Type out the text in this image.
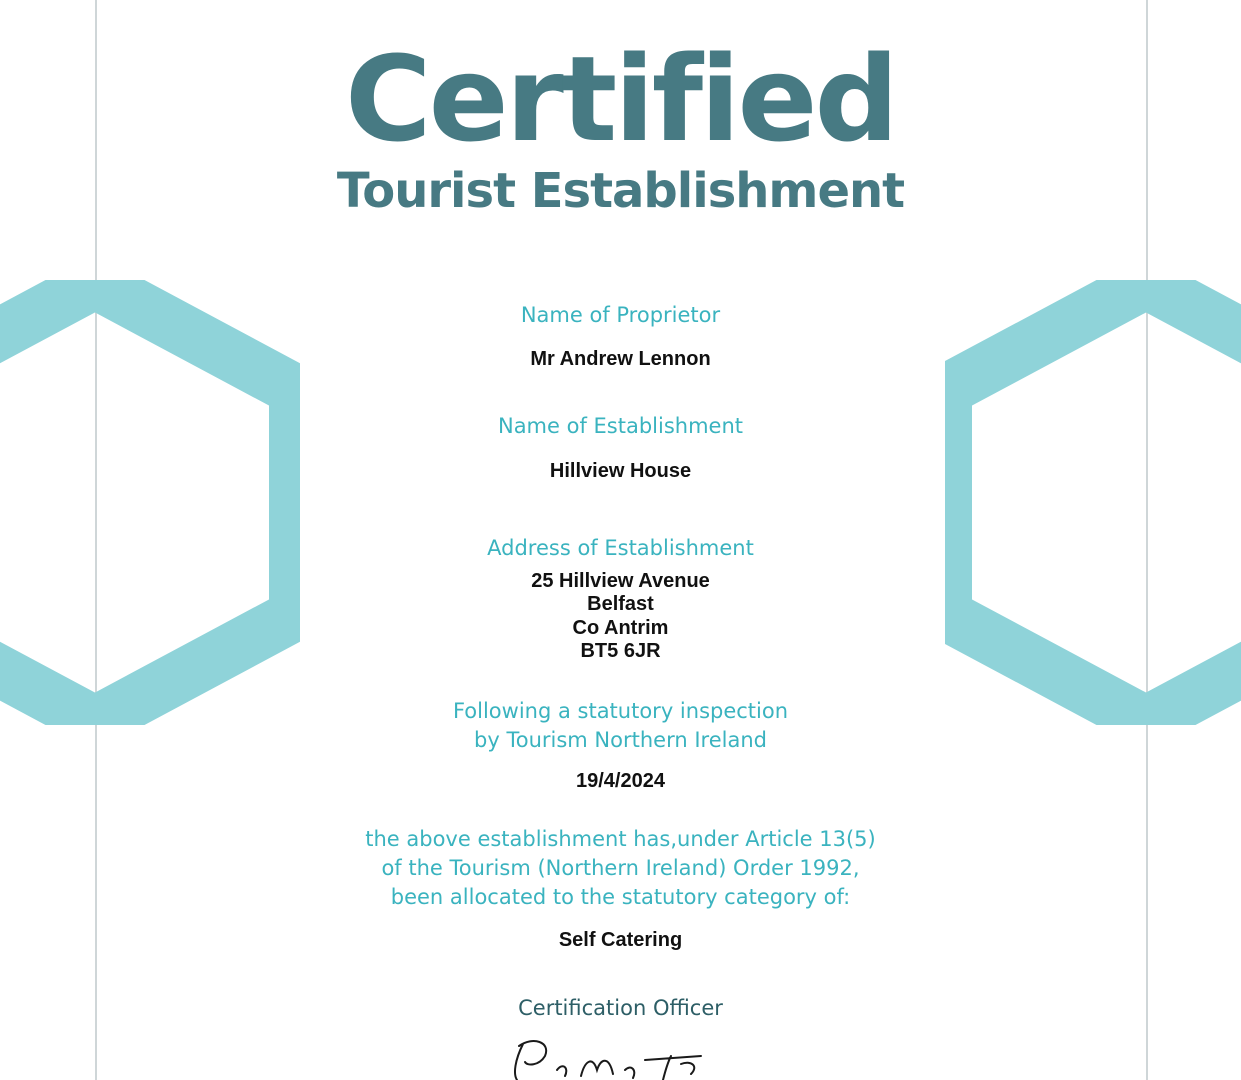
Certified
Tourist Establishment
Name of Proprietor
Mr Andrew Lennon
Name of Establishment
Hillview House
Address of Establishment
25 Hillview Avenue
Belfast
Co Antrim
BT5 6JR
Following a statutory inspection
by Tourism Northern Ireland
19/4/2024
the above establishment has,under Article 13(5)
of the Tourism (Northern Ireland) Order 1992,
been allocated to the statutory category of:
Self Catering
Certification Officer
